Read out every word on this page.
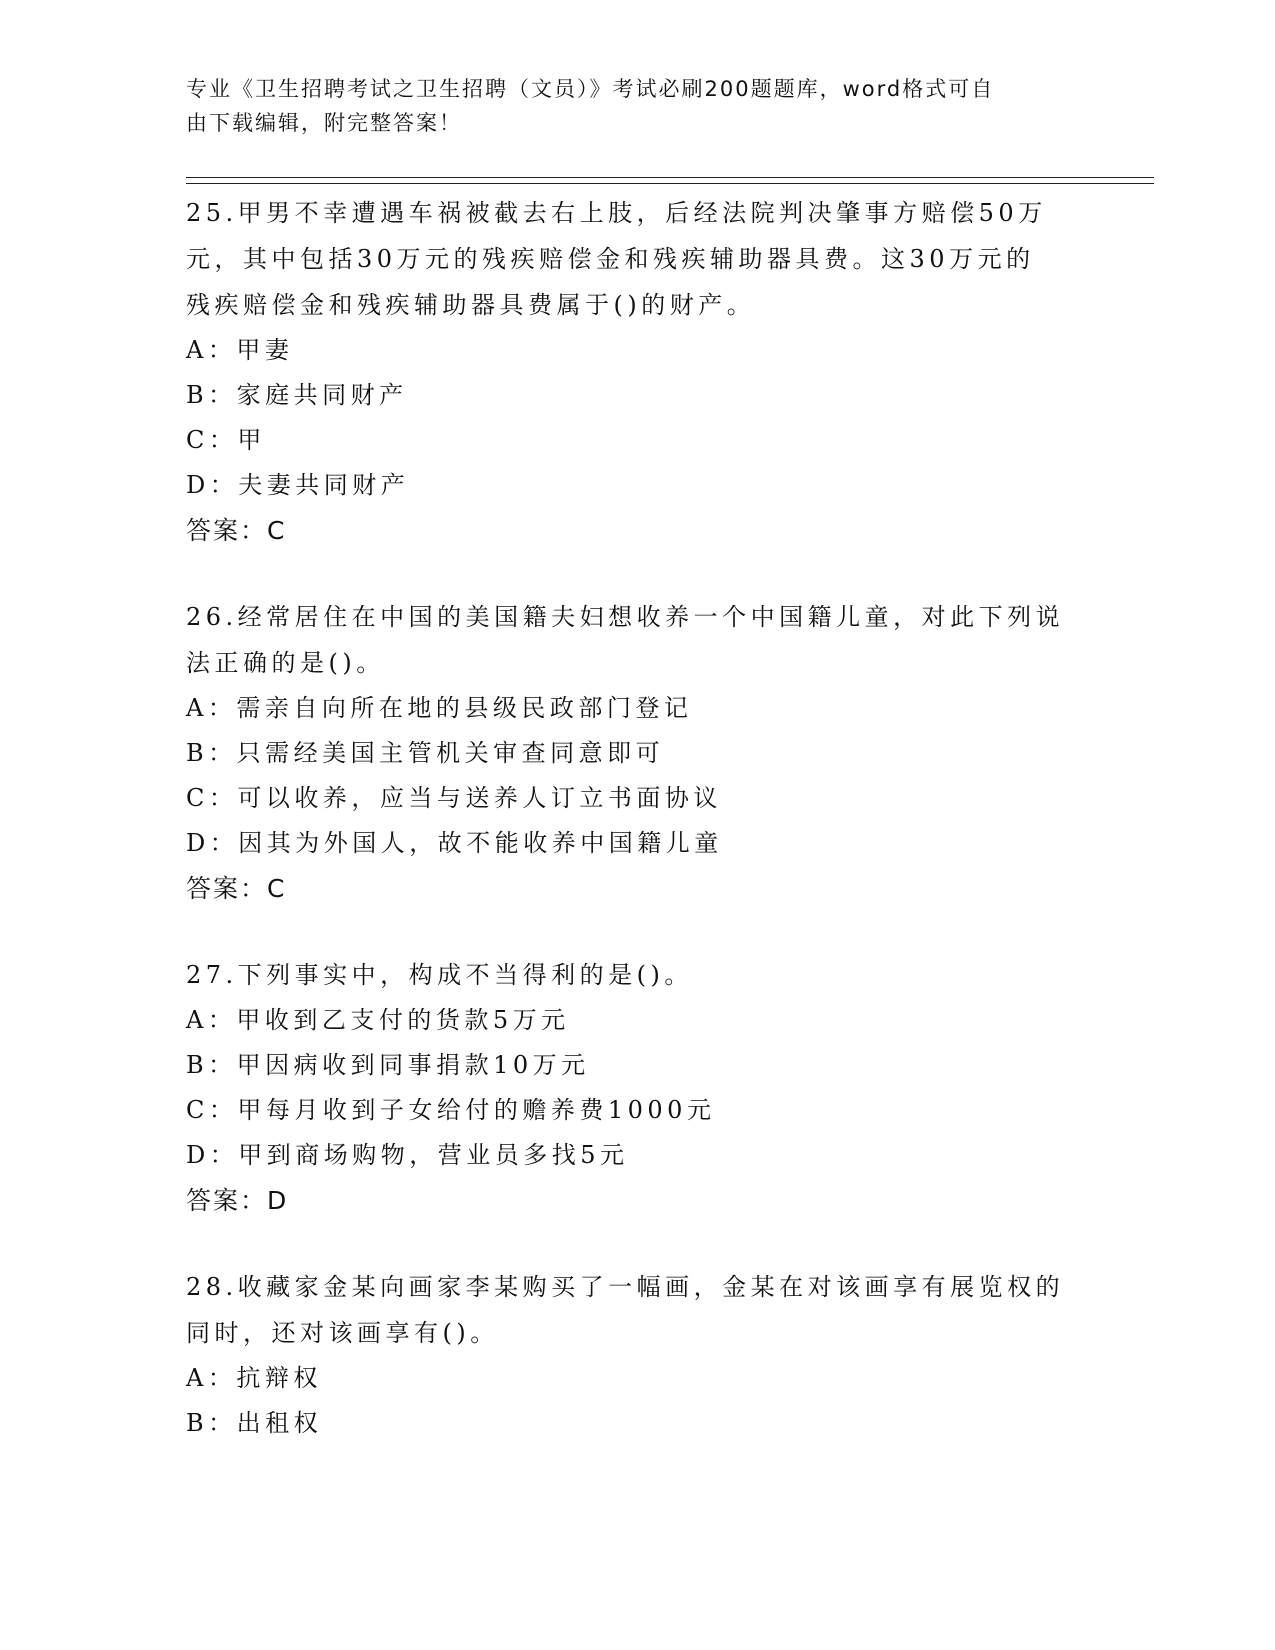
专业《卫生招聘考试之卫生招聘（文员）》考试必刷200题题库，word格式可自
由下载编辑，附完整答案！

25.甲男不幸遭遇车祸被截去右上肢，后经法院判决肇事方赔偿50万

元，其中包括30万元的残疾赔偿金和残疾辅助器具费。这30万元的

残疾赔偿金和残疾辅助器具费属于()的财产。

A：甲妻

B：家庭共同财产

C：甲

D：夫妻共同财产

答案：C

26.经常居住在中国的美国籍夫妇想收养一个中国籍儿童，对此下列说

法正确的是()。

A：需亲自向所在地的县级民政部门登记

B：只需经美国主管机关审查同意即可

C：可以收养，应当与送养人订立书面协议

D：因其为外国人，故不能收养中国籍儿童

答案：C

27.下列事实中，构成不当得利的是()。

A：甲收到乙支付的货款5万元

B：甲因病收到同事捐款10万元

C：甲每月收到子女给付的赡养费1000元

D：甲到商场购物，营业员多找5元

答案：D

28.收藏家金某向画家李某购买了一幅画，金某在对该画享有展览权的

同时，还对该画享有()。

A：抗辩权

B：出租权
